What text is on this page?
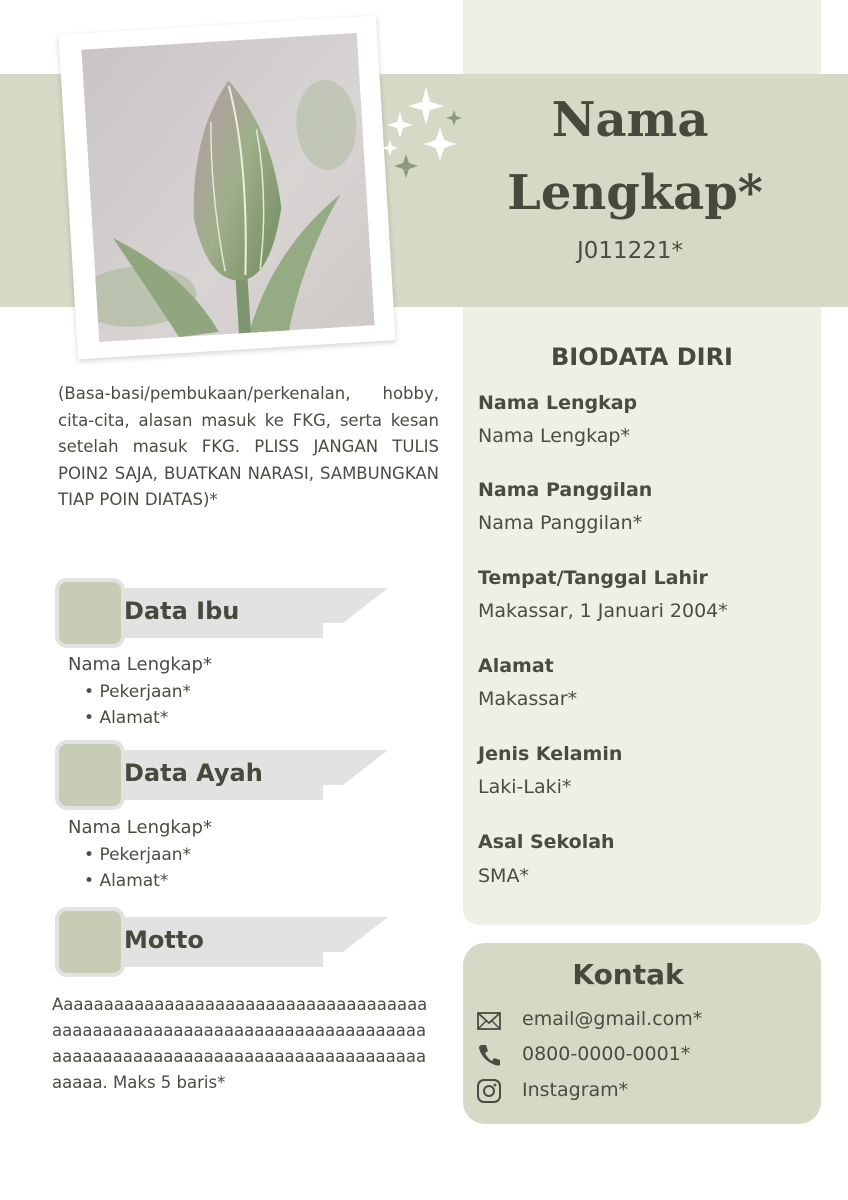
Nama
Lengkap*
J011221*
(Basa-basi/pembukaan/perkenalan, hobby, cita-cita, alasan masuk ke FKG, serta kesan setelah masuk FKG. PLISS JANGAN TULIS POIN2 SAJA, BUATKAN NARASI, SAMBUNGKAN TIAP POIN DIATAS)*
BIODATA DIRI
Nama Lengkap
Nama Lengkap*
Nama Panggilan
Nama Panggilan*
Tempat/Tanggal Lahir
Makassar, 1 Januari 2004*
Alamat
Makassar*
Jenis Kelamin
Laki-Laki*
Asal Sekolah
SMA*
Data Ibu
Nama Lengkap*
• Pekerjaan*
• Alamat*
Data Ayah
Nama Lengkap*
• Pekerjaan*
• Alamat*
Motto
Aaaaaaaaaaaaaaaaaaaaaaaaaaaaaaaaaaaaaaaaaaaaaaaaaaaaaaaaaaaaaaaaaaaaaaaaaaaaaaaaaaaaaaaaaaaaaaaaaaaaaaaaaaaaaaaaaaaa. Maks 5 baris*
Kontak
email@gmail.com*
0800-0000-0001*
Instagram*
